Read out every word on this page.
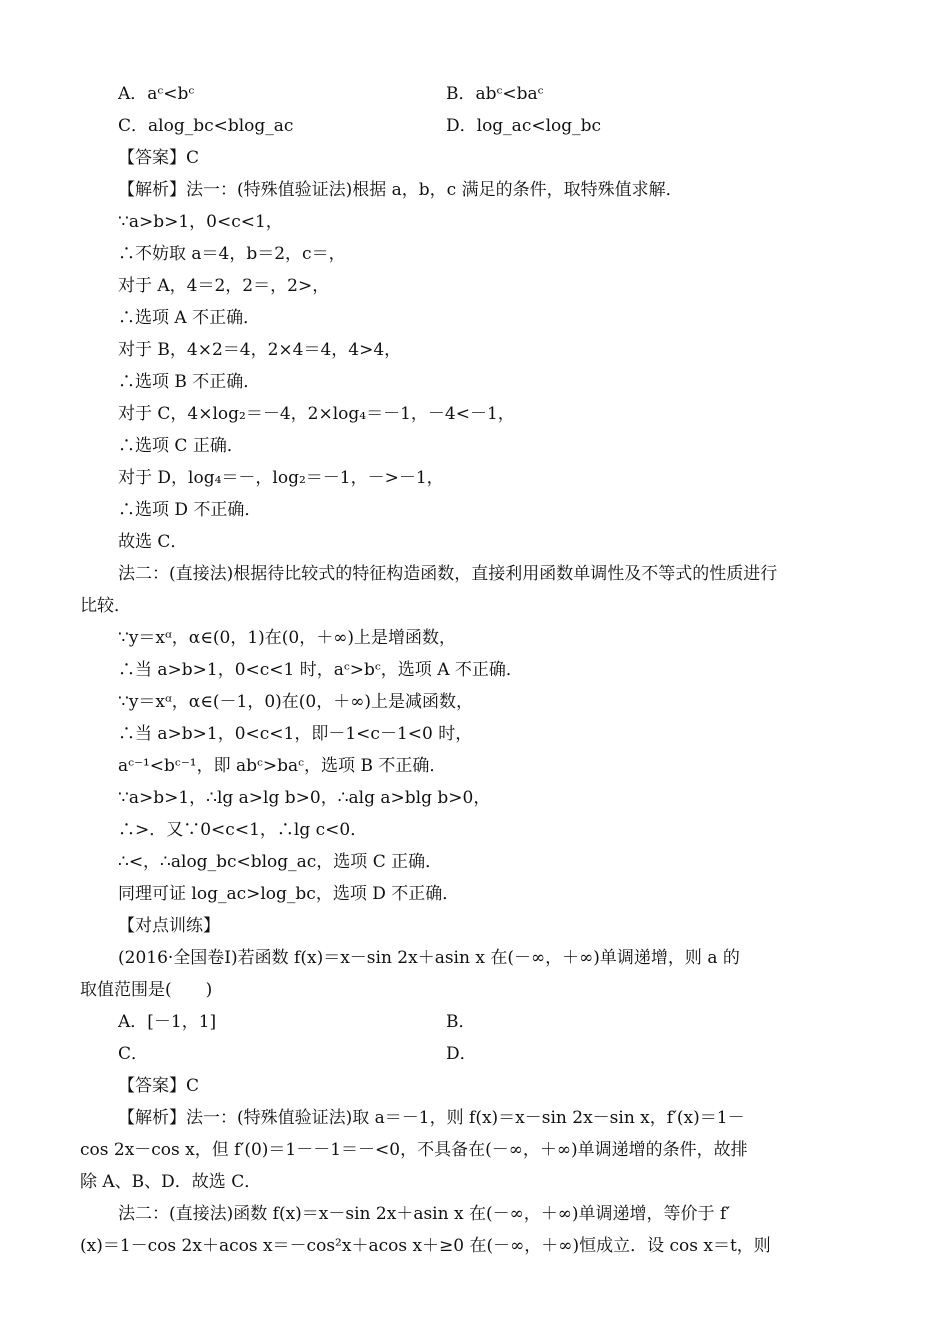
A．aᶜ<bᶜ	B．abᶜ<baᶜ
C．alog_bc<blog_ac	D．log_ac<log_bc
【答案】C
【解析】法一：(特殊值验证法)根据 a，b，c 满足的条件，取特殊值求解．
∵a>b>1，0<c<1，
∴不妨取 a＝4，b＝2，c＝，
对于 A，4＝2，2＝，2>，
∴选项 A 不正确．
对于 B，4×2＝4，2×4＝4，4>4，
∴选项 B 不正确．
对于 C，4×log₂＝－4，2×log₄＝－1，－4<－1，
∴选项 C 正确．
对于 D，log₄＝－，log₂＝－1，－>－1，
∴选项 D 不正确．
故选 C．
法二：(直接法)根据待比较式的特征构造函数，直接利用函数单调性及不等式的性质进行
比较．
∵y＝xᵅ，α∈(0，1)在(0，＋∞)上是增函数，
∴当 a>b>1，0<c<1 时，aᶜ>bᶜ，选项 A 不正确．
∵y＝xᵅ，α∈(－1，0)在(0，＋∞)上是减函数，
∴当 a>b>1，0<c<1，即－1<c－1<0 时，
aᶜ⁻¹<bᶜ⁻¹，即 abᶜ>baᶜ，选项 B 不正确．
∵a>b>1，∴lg a>lg b>0，∴alg a>blg b>0，
∴>．又∵0<c<1，∴lg c<0．
∴<，∴alog_bc<blog_ac，选项 C 正确．
同理可证 log_ac>log_bc，选项 D 不正确．
【对点训练】
(2016·全国卷Ⅰ)若函数 f(x)＝x－sin 2x＋asin x 在(－∞，＋∞)单调递增，则 a 的
取值范围是(　　)
A．[－1，1]	B．
C．	D．
【答案】C
【解析】法一：(特殊值验证法)取 a＝－1，则 f(x)＝x－sin 2x－sin x，f′(x)＝1－
cos 2x－cos x，但 f′(0)＝1－－1＝－<0，不具备在(－∞，＋∞)单调递增的条件，故排
除 A、B、D．故选 C．
法二：(直接法)函数 f(x)＝x－sin 2x＋asin x 在(－∞，＋∞)单调递增，等价于 f′
(x)＝1－cos 2x＋acos x＝－cos²x＋acos x＋≥0 在(－∞，＋∞)恒成立．设 cos x＝t，则
